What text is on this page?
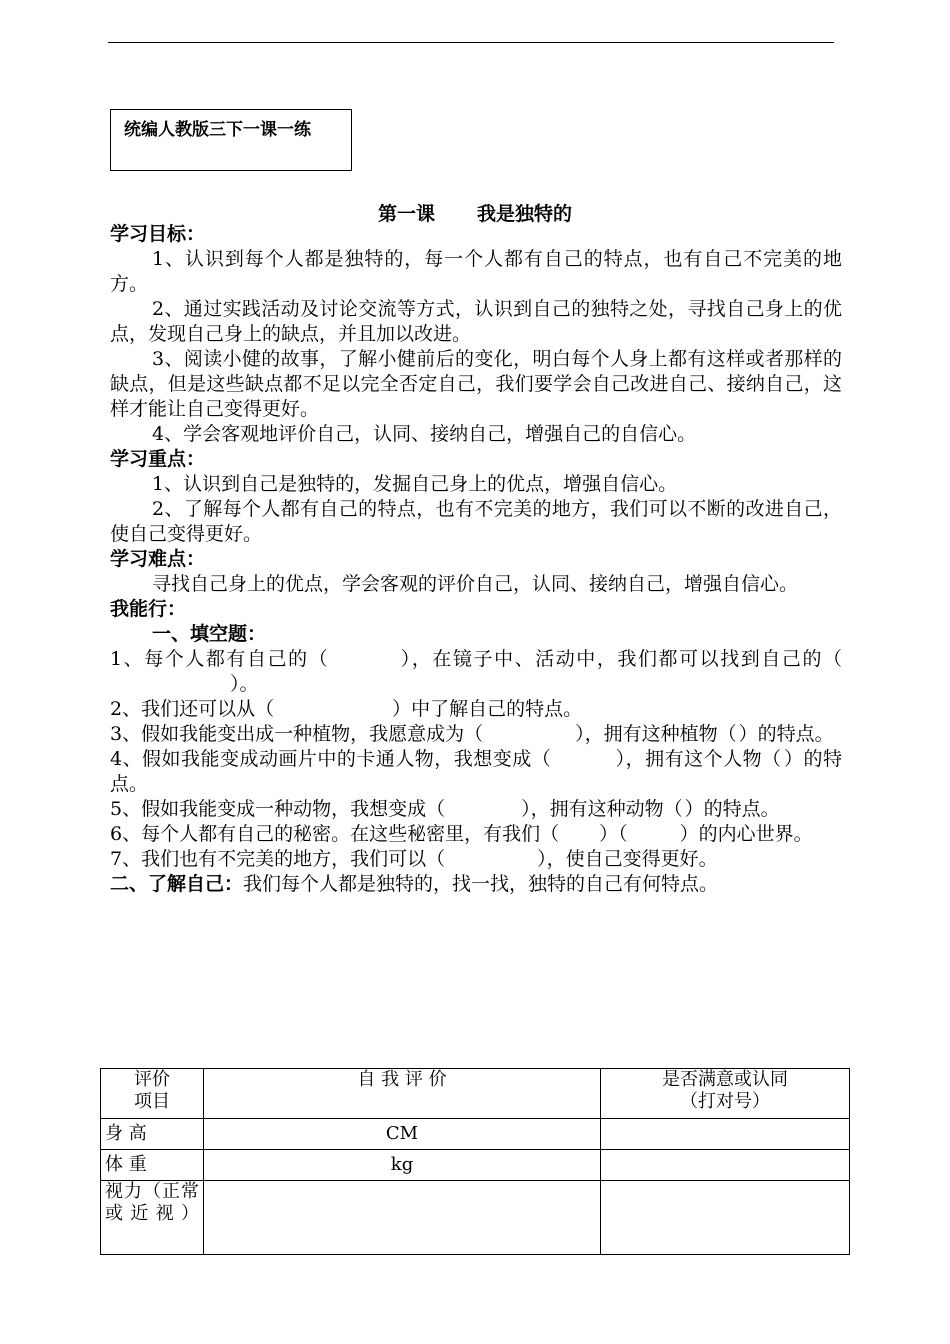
统编人教版三下一课一练
第一课 我是独特的

学习目标：

1、认识到每个人都是独特的，每一个人都有自己的特点，也有自己不完美的地方。

2、通过实践活动及讨论交流等方式，认识到自己的独特之处，寻找自己身上的优点，发现自己身上的缺点，并且加以改进。

3、阅读小健的故事，了解小健前后的变化，明白每个人身上都有这样或者那样的缺点，但是这些缺点都不足以完全否定自己，我们要学会自己改进自己、接纳自己，这样才能让自己变得更好。

4、学会客观地评价自己，认同、接纳自己，增强自己的自信心。

学习重点：

1、认识到自己是独特的，发掘自己身上的优点，增强自信心。

2、了解每个人都有自己的特点，也有不完美的地方，我们可以不断的改进自己，使自己变得更好。

学习难点：

寻找自己身上的优点，学会客观的评价自己，认同、接纳自己，增强自信心。

我能行：

一、填空题：

1、每个人都有自己的（	），在镜子中、活动中，我们都可以找到自己的（）。

2、我们还可以从（	）中了解自己的特点。

3、假如我能变出成一种植物，我愿意成为（	），拥有这种植物（ ）的特点。

4、假如我能变成动画片中的卡通人物，我想变成（	），拥有这个人物（ ）的特点。

5、假如我能变成一种动物，我想变成（	），拥有这种动物（ ）的特点。

6、每个人都有自己的秘密。在这些秘密里，有我们（ ）（	）的内心世界。

7、我们也有不完美的地方，我们可以（	），使自己变得更好。

二、了解自己：我们每个人都是独特的，找一找，独特的自己有何特点。

评价项目	自 我 评 价	是否满意或认同（打对号）

身 高	CM	
体 重	kg	
视力（正常或近视）		
